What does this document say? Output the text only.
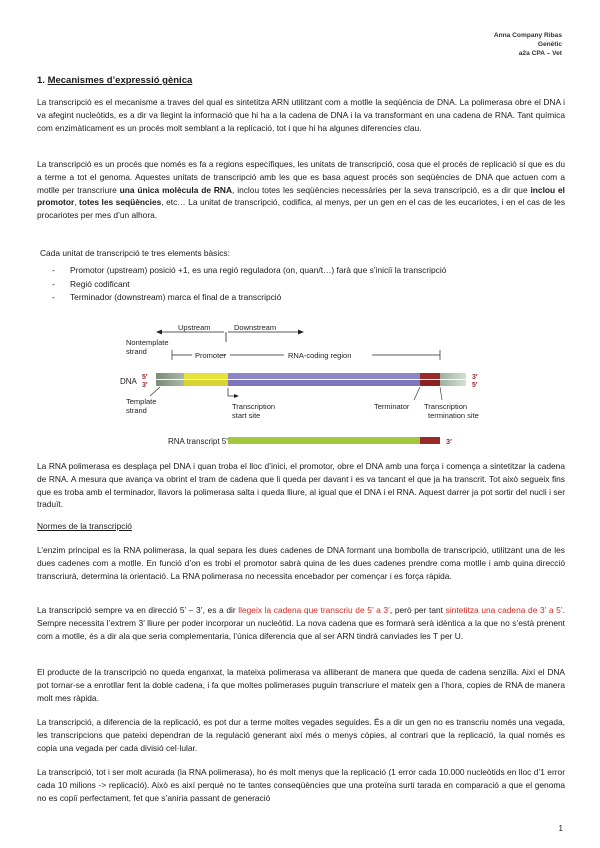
Anna Company Ribas
Genètic
a2a CPA – Vet
1. Mecanismes d’expressió gènica
La transcripció es el mecanisme a traves del qual es sintetitza ARN utilitzant com a motlle la seqüència de DNA. La polimerasa obre el DNA i va afegint nucleòtids, es a dir va llegint la informació que hi ha a la cadena de DNA i la va transformant en una cadena de RNA. Tant química com enzimàticament es un procés molt semblant a la replicació, tot i que hi ha algunes diferencies clau.
La transcripció es un procés que només es fa a regions específiques, les unitats de transcripció, cosa que el procés de replicació sí que es du a terme a tot el genoma. Aquestes unitats de transcripció amb les que es basa aquest procés son seqüències de DNA que actuen com a motlle per transcriure una única molècula de RNA, inclou totes les seqüències necessàries per la seva transcripció, es a dir que inclou el promotor, totes les seqüències, etc… La unitat de transcripció, codifica, al menys, per un gen en el cas de les eucariotes, i en el cas de les procariotes per mes d’un alhora.
Cada unitat de transcripció te tres elements bàsics:
- Promotor (upstream) posició +1, es una regió reguladora (on, quan/t…) farà que s’iniciï la transcripció
- Regió codificant
- Terminador (downstream) marca el final de a transcripció
Upstream	Downstream
Nontemplate
strand	Promoter	RNA-coding region
DNA 5′
3′
3′
5′
Template
strand	Transcription
start site
Terminator Transcription
termination site
RNA transcript 5′	3′
La RNA polimerasa es desplaça pel DNA i quan troba el lloc d’inici, el promotor, obre el DNA amb una força i comença a sintetitzar la cadena de RNA. A mesura que avança va obrint el tram de cadena que li queda per davant i es va tancant el que ja ha transcrit. Tot això segueix fins que es troba amb el terminador, llavors la polimerasa salta i queda lliure, al igual que el DNA i el RNA. Aquest darrer ja pot sortir del nucli i ser traduït.
Normes de la transcripció
L’enzim principal es la RNA polimerasa, la qual separa les dues cadenes de DNA formant una bombolla de transcripció, utilitzant una de les dues cadenes com a motlle. En funció d’on es trobi el promotor sabrà quina de les dues cadenes prendre coma motlle i amb quina direcció transcriurà, determina la orientació. La RNA polimerasa no necessita encebador per començar i es força ràpida.
La transcripció sempre va en direcció 5’ – 3’, es a dir llegeix la cadena que transcriu de 5’ a 3’, però per tant sintetitza una cadena de 3’ a 5’. Sempre necessita l’extrem 3’ lliure per poder incorporar un nucleòtid. La nova cadena que es formarà serà idèntica a la que no s’està prenent com a motlle, és a dir ala que seria complementaria, l’única diferencia que al ser ARN tindrà canviades les T per U.
El producte de la transcripció no queda enganxat, la mateixa polimerasa va alliberant de manera que queda de cadena senzilla. Així el DNA pot tornar-se a enrotllar fent la doble cadena, i fa que moltes polimerases puguin transcriure el mateix gen a l’hora, copies de RNA de manera molt mes ràpida.
La transcripció, a diferencia de la replicació, es pot dur a terme moltes vegades seguides. És a dir un gen no es transcriu només una vegada, les transcripcions que pateixi dependran de la regulació generant així més o menys còpies, al contrari que la replicació, la qual només es copia una vegada per cada divisió cel·lular.
La transcripció, tot i ser molt acurada (la RNA polimerasa), ho és molt menys que la replicació (1 error cada 10.000 nucleòtids en lloc d’1 error cada 10 milions -> replicació). Això es així perquè no te tantes conseqüències que una proteïna surti tarada en comparació a que el genoma no es copiï perfectament, fet que s’aniria passant de generació
1
